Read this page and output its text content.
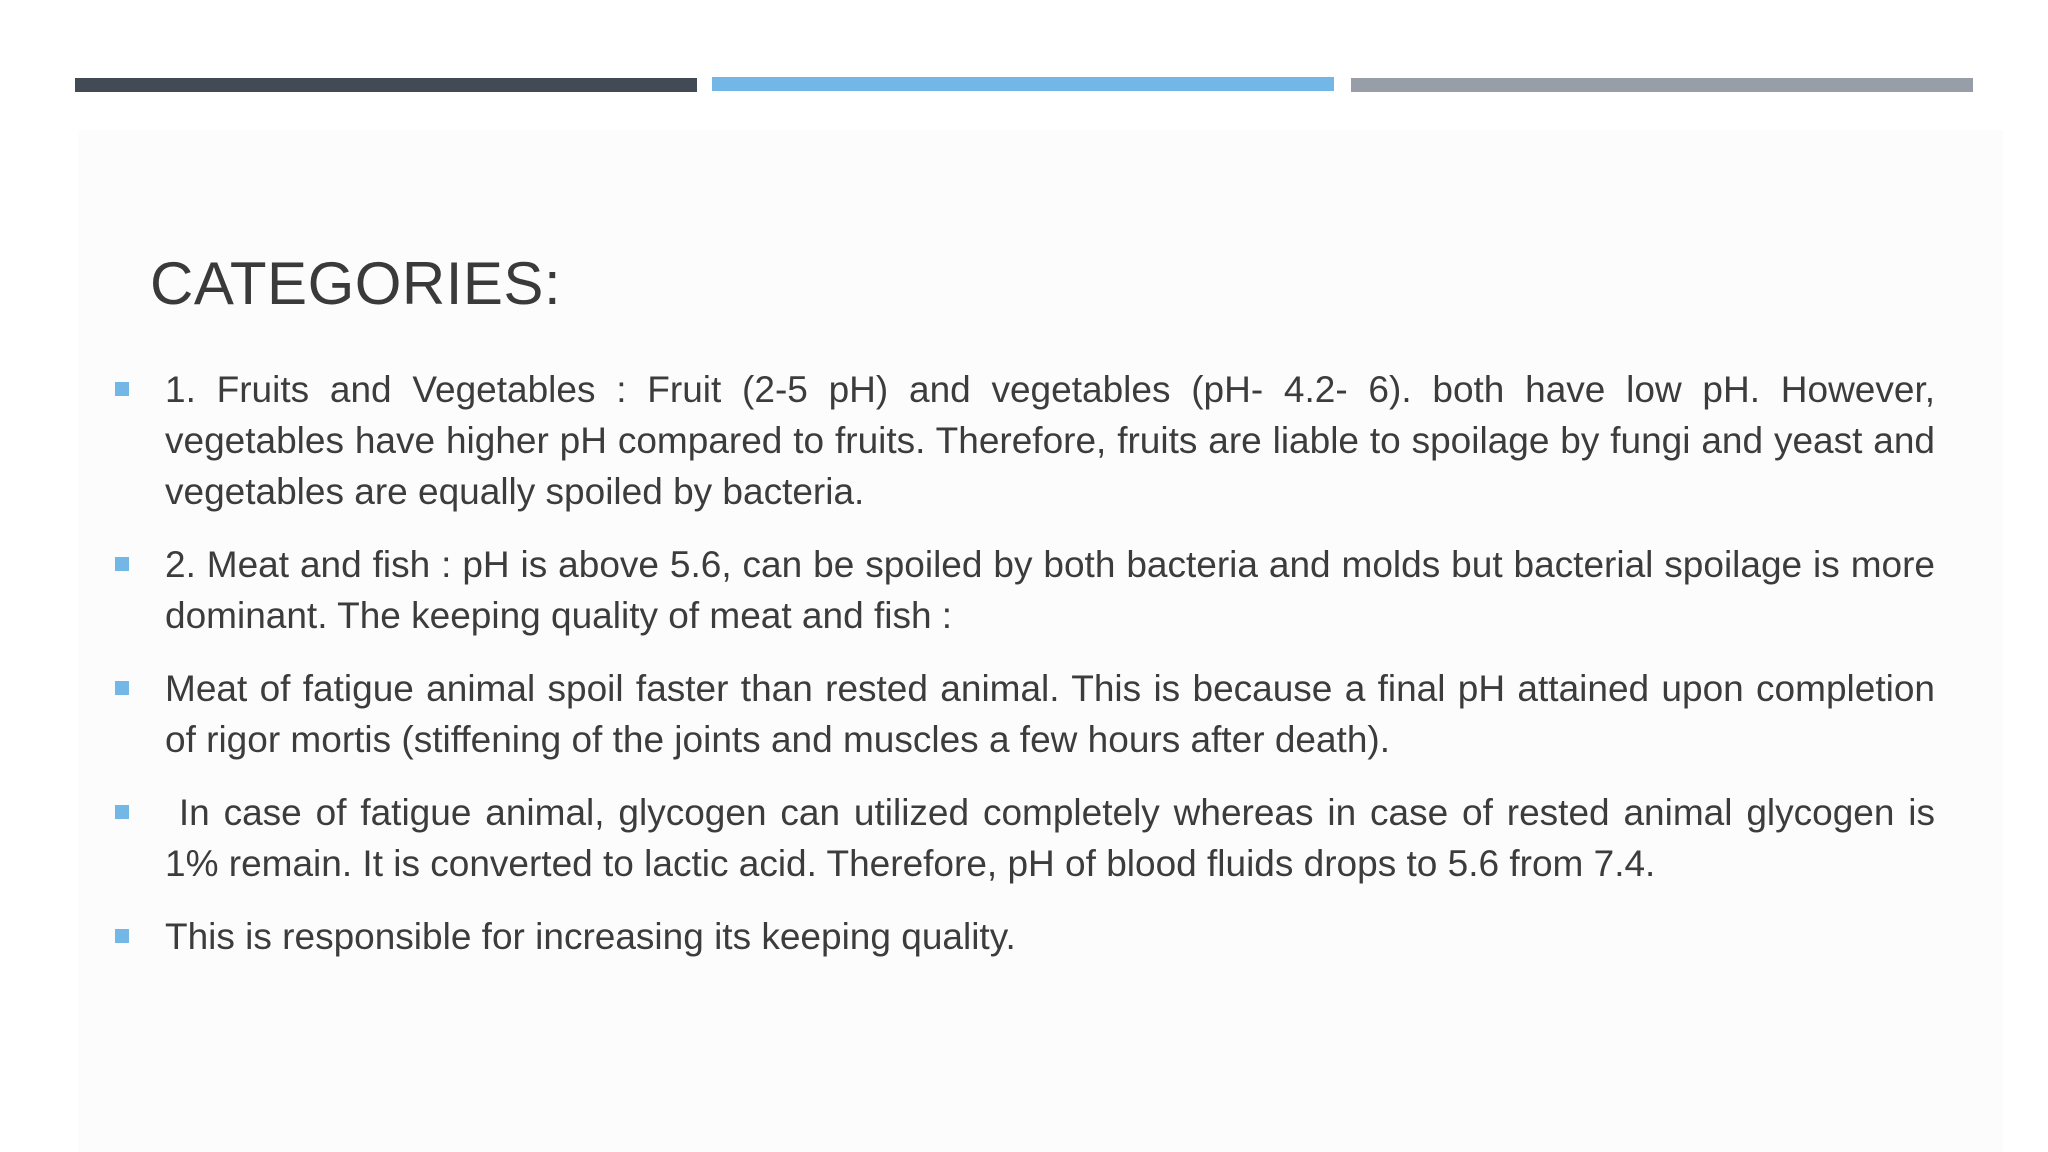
CATEGORIES:
1. Fruits and Vegetables : Fruit (2-5 pH) and vegetables (pH- 4.2- 6). both have low pH. However, vegetables have higher pH compared to fruits. Therefore, fruits are liable to spoilage by fungi and yeast and vegetables are equally spoiled by bacteria.
2. Meat and fish : pH is above 5.6, can be spoiled by both bacteria and molds but bacterial spoilage is more dominant. The keeping quality of meat and fish :
Meat of fatigue animal spoil faster than rested animal. This is because a final pH attained upon completion of rigor mortis (stiffening of the joints and muscles a few hours after death).
In case of fatigue animal, glycogen can utilized completely whereas in case of rested animal glycogen is 1% remain. It is converted to lactic acid. Therefore, pH of blood fluids drops to 5.6 from 7.4.
This is responsible for increasing its keeping quality.
